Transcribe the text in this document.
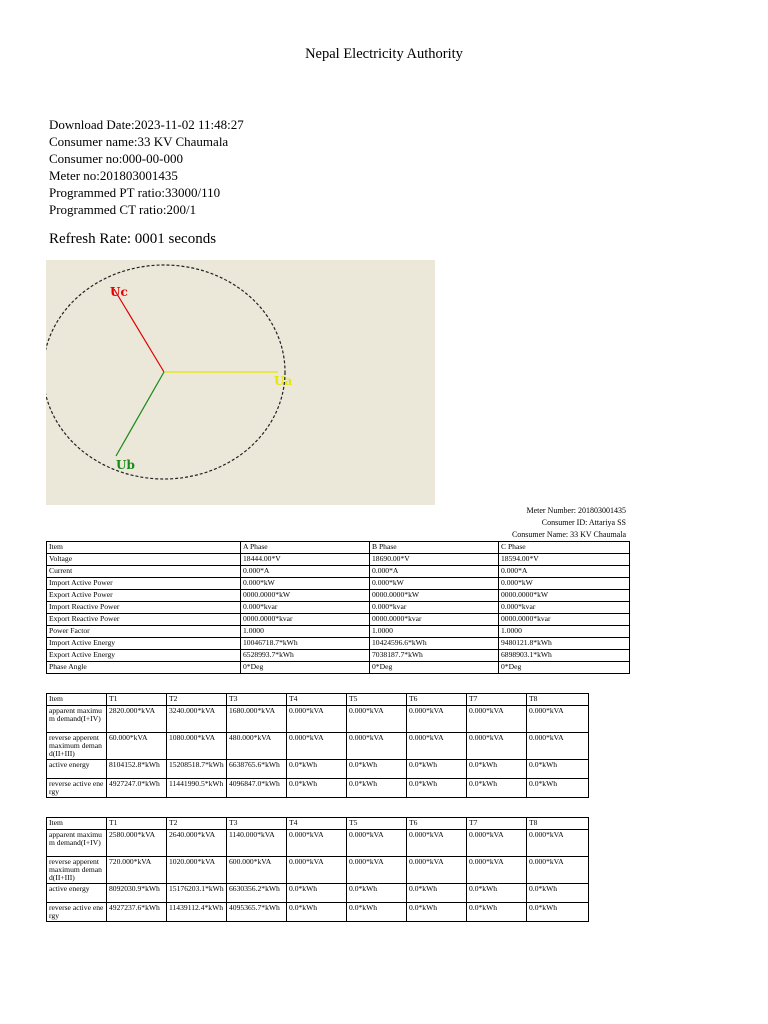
Nepal Electricity Authority
Download Date:2023-11-02 11:48:27
Consumer name:33 KV Chaumala
Consumer no:000-00-000
Meter no:201803001435
Programmed PT ratio:33000/110
Programmed CT ratio:200/1
Refresh Rate: 0001 seconds
Uc
Ua
Ub
Meter Number: 201803001435
Consumer ID: Attariya SS
Consumer Name: 33 KV Chaumala
Item	A Phase	B Phase	C Phase
Voltage	18444.00*V	18690.00*V	18594.00*V
Current	0.000*A	0.000*A	0.000*A
Import Active Power	0.000*kW	0.000*kW	0.000*kW
Export Active Power	0000.0000*kW	0000.0000*kW	0000.0000*kW
Import Reactive Power	0.000*kvar	0.000*kvar	0.000*kvar
Export Reactive Power	0000.0000*kvar	0000.0000*kvar	0000.0000*kvar
Power Factor	1.0000	1.0000	1.0000
Import Active Energy	10046718.7*kWh	10424596.6*kWh	9480121.8*kWh
Export Active Energy	6528993.7*kWh	7038187.7*kWh	6898903.1*kWh
Phase Angle	0*Deg	0*Deg	0*Deg
Item	T1	T2	T3	T4	T5	T6	T7	T8
apparent maximum demand(I+IV)	2820.000*kVA	3240.000*kVA	1680.000*kVA	0.000*kVA	0.000*kVA	0.000*kVA	0.000*kVA	0.000*kVA
reverse apperent maximum demand(II+III)	60.000*kVA	1080.000*kVA	480.000*kVA	0.000*kVA	0.000*kVA	0.000*kVA	0.000*kVA	0.000*kVA
active energy	8104152.8*kWh	15208518.7*kWh	6638765.6*kWh	0.0*kWh	0.0*kWh	0.0*kWh	0.0*kWh	0.0*kWh
reverse active energy	4927247.0*kWh	11441990.5*kWh	4096847.0*kWh	0.0*kWh	0.0*kWh	0.0*kWh	0.0*kWh	0.0*kWh
Item	T1	T2	T3	T4	T5	T6	T7	T8
apparent maximum demand(I+IV)	2580.000*kVA	2640.000*kVA	1140.000*kVA	0.000*kVA	0.000*kVA	0.000*kVA	0.000*kVA	0.000*kVA
reverse apperent maximum demand(II+III)	720.000*kVA	1020.000*kVA	600.000*kVA	0.000*kVA	0.000*kVA	0.000*kVA	0.000*kVA	0.000*kVA
active energy	8092030.9*kWh	15176203.1*kWh	6630356.2*kWh	0.0*kWh	0.0*kWh	0.0*kWh	0.0*kWh	0.0*kWh
reverse active energy	4927237.6*kWh	11439112.4*kWh	4095365.7*kWh	0.0*kWh	0.0*kWh	0.0*kWh	0.0*kWh	0.0*kWh
